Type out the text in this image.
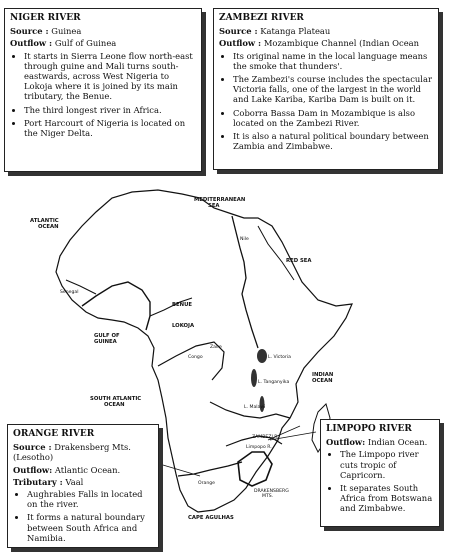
NIGER RIVER
Source : Guinea
Outflow : Gulf of Guinea
• It starts in Sierra Leone flow north-east through guine and Mali turns south-eastwards, across West Nigeria to Lokoja where it is joined by its main tributary, the Benue.
• The third longest river in Africa.
• Port Harcourt of Nigeria is located on the Niger Delta.
ZAMBEZI RIVER
Source : Katanga Plateau
Outflow : Mozambique Channel (Indian Ocean
• Its original name in the local language means the smoke that thunders'.
• The Zambezi's course includes the spectacular Victoria falls, one of the largest in the world and Lake Kariba, Kariba Dam is built on it.
• Coborra Bassa Dam in Mozambique is also located on the Zambezi River.
• It is also a natural political boundary between Zambia and Zimbabwe.
ATLANTIC OCEAN
MEDITERRANEAN SEA
Nile
RED SEA
Senegal
BENUE
LOKOJA
GULF OF GUINEA
Congo
Zaire
L. Victoria
L. Tanganyika
L. Malawi
INDIAN OCEAN
SOUTH ATLANTIC OCEAN
ZAMBEZI R.
Limpopo R.
Orange
DRAKENSBERG MTS.
CAPE AGULHAS
ORANGE RIVER
Source : Drakensberg Mts. (Lesotho)
Outflow: Atlantic Ocean.
Tributary : Vaal
• Aughrabies Falls in located on the river.
• It forms a natural boundary between South Africa and Namibia.
LIMPOPO RIVER
Outflow: Indian Ocean.
• The Limpopo river cuts tropic of Capricorn.
• It separates South Africa from Botswana and Zimbabwe.
